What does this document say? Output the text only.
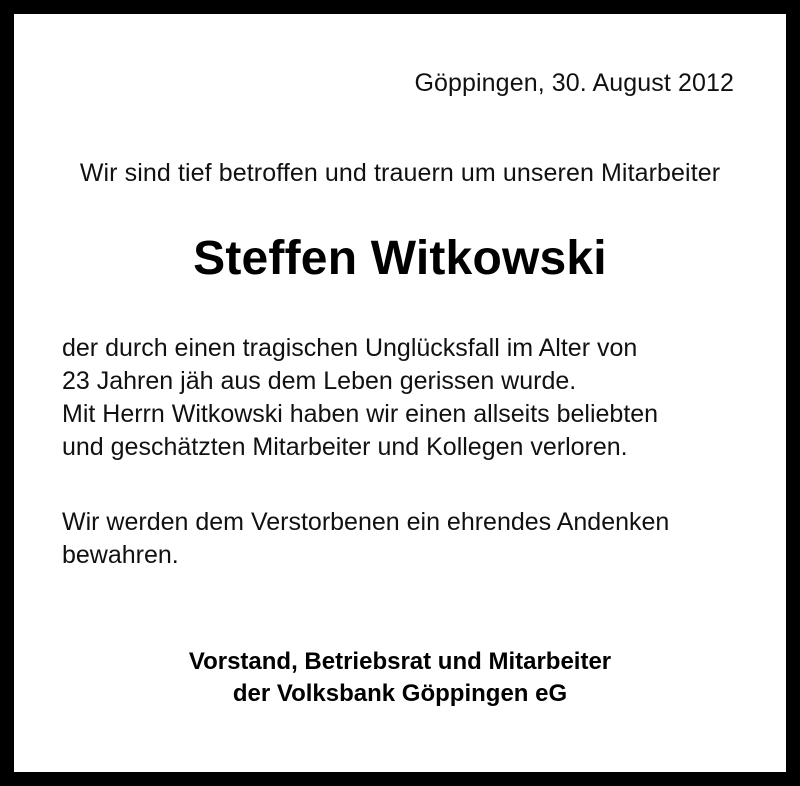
Göppingen, 30. August 2012
Wir sind tief betroffen und trauern um unseren Mitarbeiter
Steffen Witkowski

der durch einen tragischen Unglücksfall im Alter von

23 Jahren jäh aus dem Leben gerissen wurde.

Mit Herrn Witkowski haben wir einen allseits beliebten

und geschätzten Mitarbeiter und Kollegen verloren.

Wir werden dem Verstorbenen ein ehrendes Andenken

bewahren.

Vorstand, Betriebsrat und Mitarbeiter
der Volksbank Göppingen eG
